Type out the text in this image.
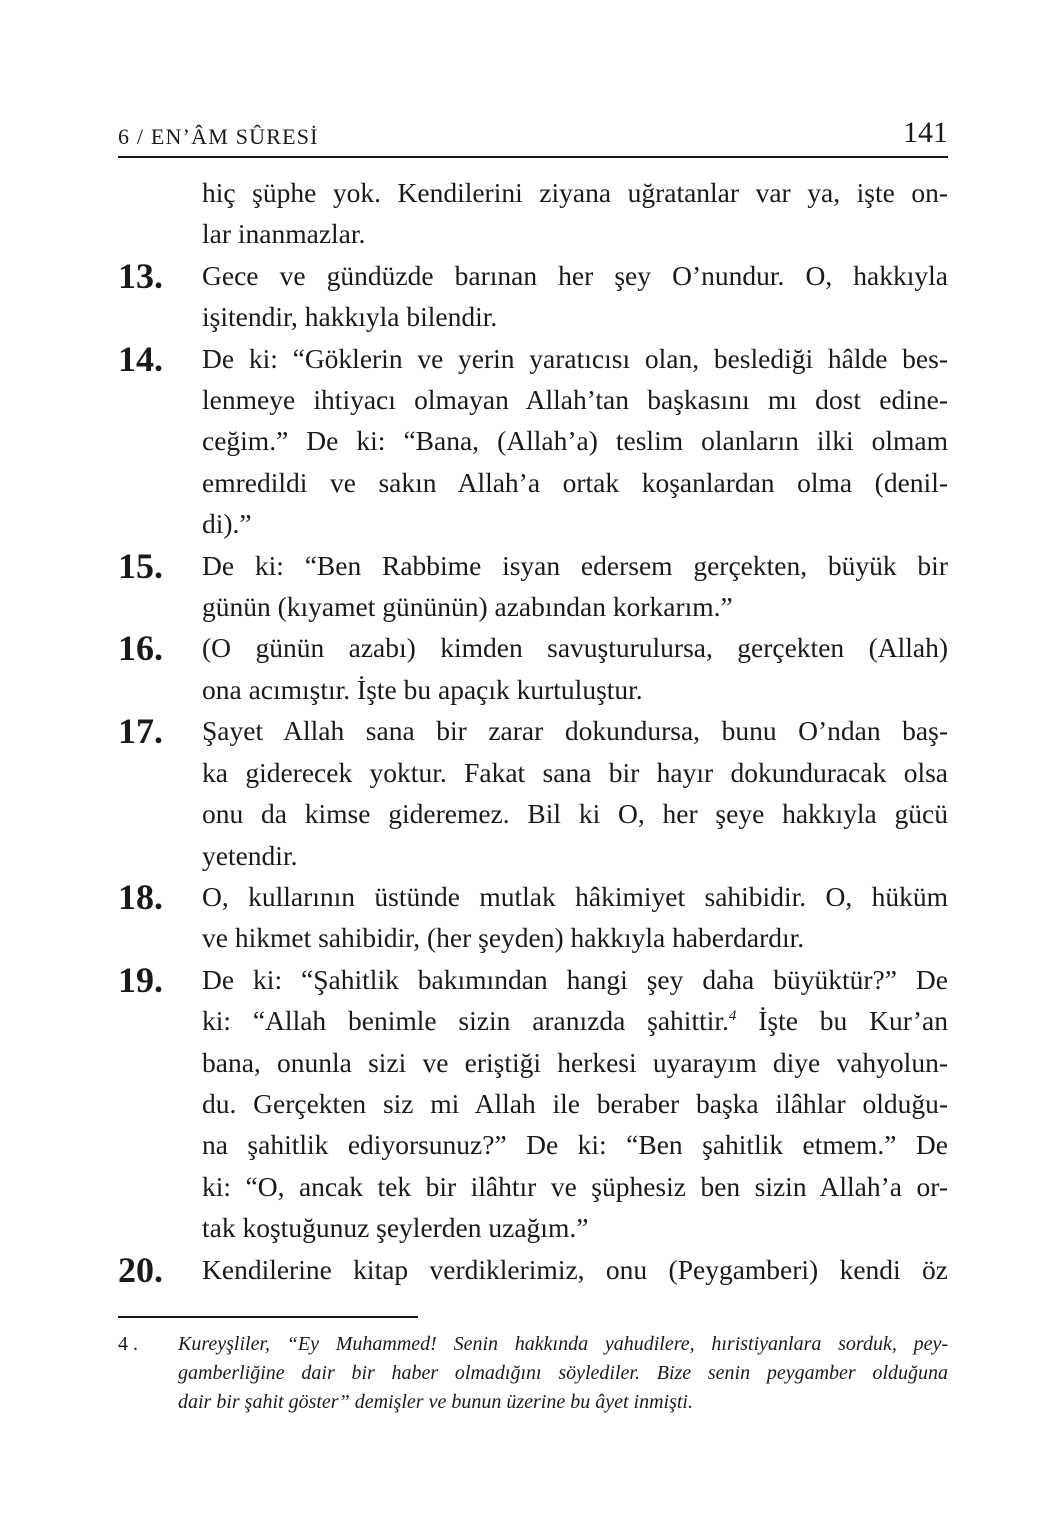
6 / EN’ÂM SÛRESİ	141
hiç şüphe yok. Kendilerini ziyana uğratanlar var ya, işte on-
lar inanmazlar.
13.	Gece ve gündüzde barınan her şey O’nundur. O, hakkıyla
işitendir, hakkıyla bilendir.
14.	De ki: “Göklerin ve yerin yaratıcısı olan, beslediği hâlde bes-
lenmeye ihtiyacı olmayan Allah’tan başkasını mı dost edine-
ceğim.” De ki: “Bana, (Allah’a) teslim olanların ilki olmam
emredildi ve sakın Allah’a ortak koşanlardan olma (denil-
di).”
15.	De ki: “Ben Rabbime isyan edersem gerçekten, büyük bir
günün (kıyamet gününün) azabından korkarım.”
16.	(O günün azabı) kimden savuşturulursa, gerçekten (Allah)
ona acımıştır. İşte bu apaçık kurtuluştur.
17.	Şayet Allah sana bir zarar dokundursa, bunu O’ndan baş-
ka giderecek yoktur. Fakat sana bir hayır dokunduracak olsa
onu da kimse gideremez. Bil ki O, her şeye hakkıyla gücü
yetendir.
18.	O, kullarının üstünde mutlak hâkimiyet sahibidir. O, hüküm
ve hikmet sahibidir, (her şeyden) hakkıyla haberdardır.
19.	De ki: “Şahitlik bakımından hangi şey daha büyüktür?” De
ki: “Allah benimle sizin aranızda şahittir.$^4$ İşte bu Kur’an
bana, onunla sizi ve eriştiği herkesi uyarayım diye vahyolun-
du. Gerçekten siz mi Allah ile beraber başka ilâhlar olduğu-
na şahitlik ediyorsunuz?” De ki: “Ben şahitlik etmem.” De
ki: “O, ancak tek bir ilâhtır ve şüphesiz ben sizin Allah’a or-
tak koştuğunuz şeylerden uzağım.”
20.	Kendilerine kitap verdiklerimiz, onu (Peygamberi) kendi öz
4 .	Kureyşliler, “Ey Muhammed! Senin hakkında yahudilere, hıristiyanlara sorduk, pey-
gamberliğine dair bir haber olmadığını söylediler. Bize senin peygamber olduğuna
dair bir şahit göster” demişler ve bunun üzerine bu âyet inmişti.
